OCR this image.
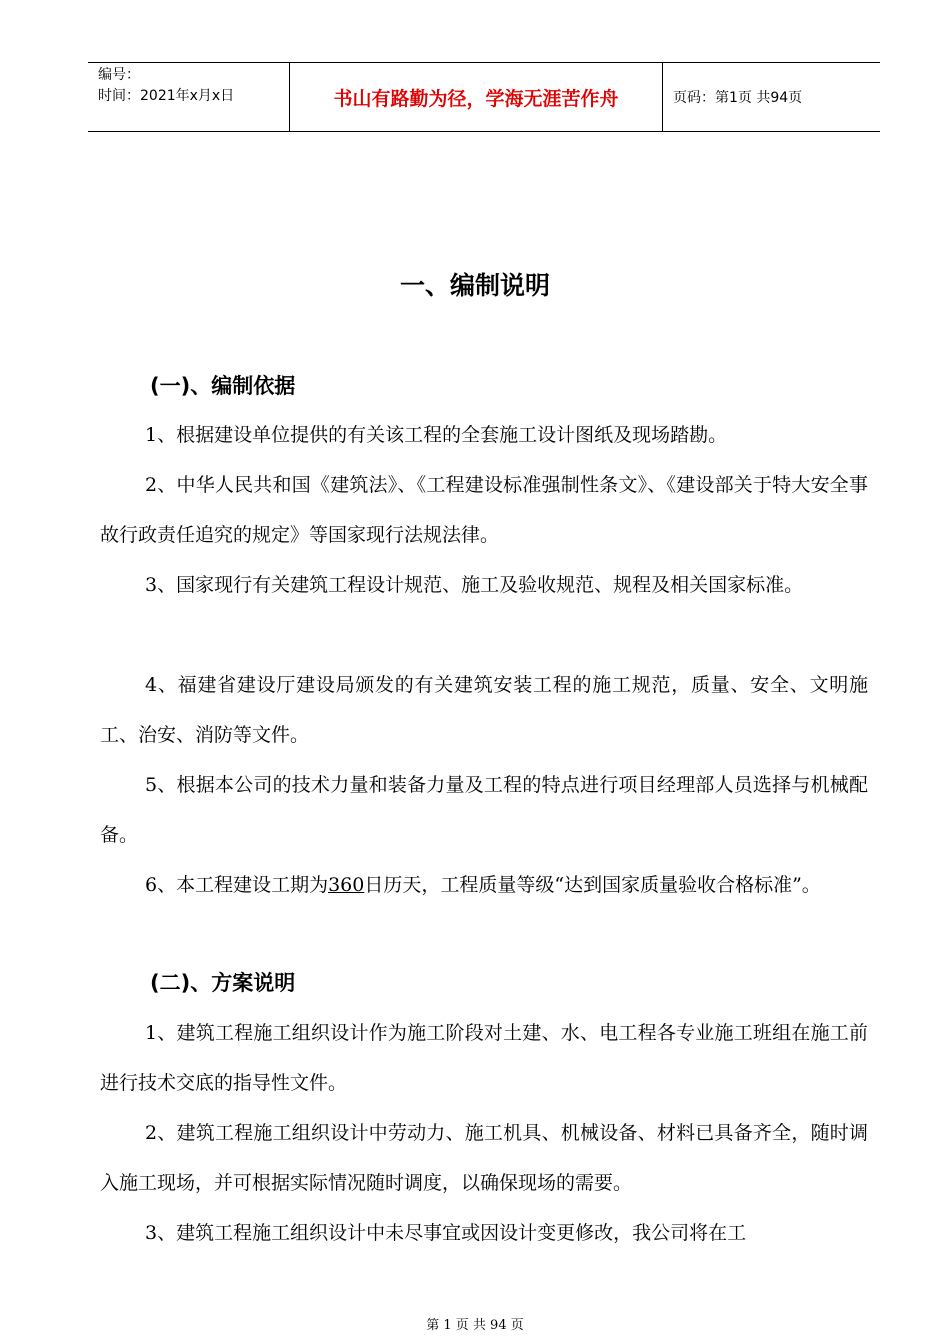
编号：
时间：2021年x月x日	书山有路勤为径，学海无涯苦作舟	页码：第1页 共94页
一、编制说明
(一)、编制依据
1、根据建设单位提供的有关该工程的全套施工设计图纸及现场踏勘。
2、中华人民共和国《建筑法》、《工程建设标准强制性条文》、《建设部关于特大安全事故行政责任追究的规定》等国家现行法规法律。
3、国家现行有关建筑工程设计规范、施工及验收规范、规程及相关国家标准。
4、福建省建设厅建设局颁发的有关建筑安装工程的施工规范，质量、安全、文明施工、治安、消防等文件。
5、根据本公司的技术力量和装备力量及工程的特点进行项目经理部人员选择与机械配备。
6、本工程建设工期为360日历天，工程质量等级“达到国家质量验收合格标准”。
(二)、方案说明
1、建筑工程施工组织设计作为施工阶段对土建、水、电工程各专业施工班组在施工前进行技术交底的指导性文件。
2、建筑工程施工组织设计中劳动力、施工机具、机械设备、材料已具备齐全，随时调入施工现场，并可根据实际情况随时调度，以确保现场的需要。
3、建筑工程施工组织设计中未尽事宜或因设计变更修改，我公司将在工
第 1 页 共 94 页
